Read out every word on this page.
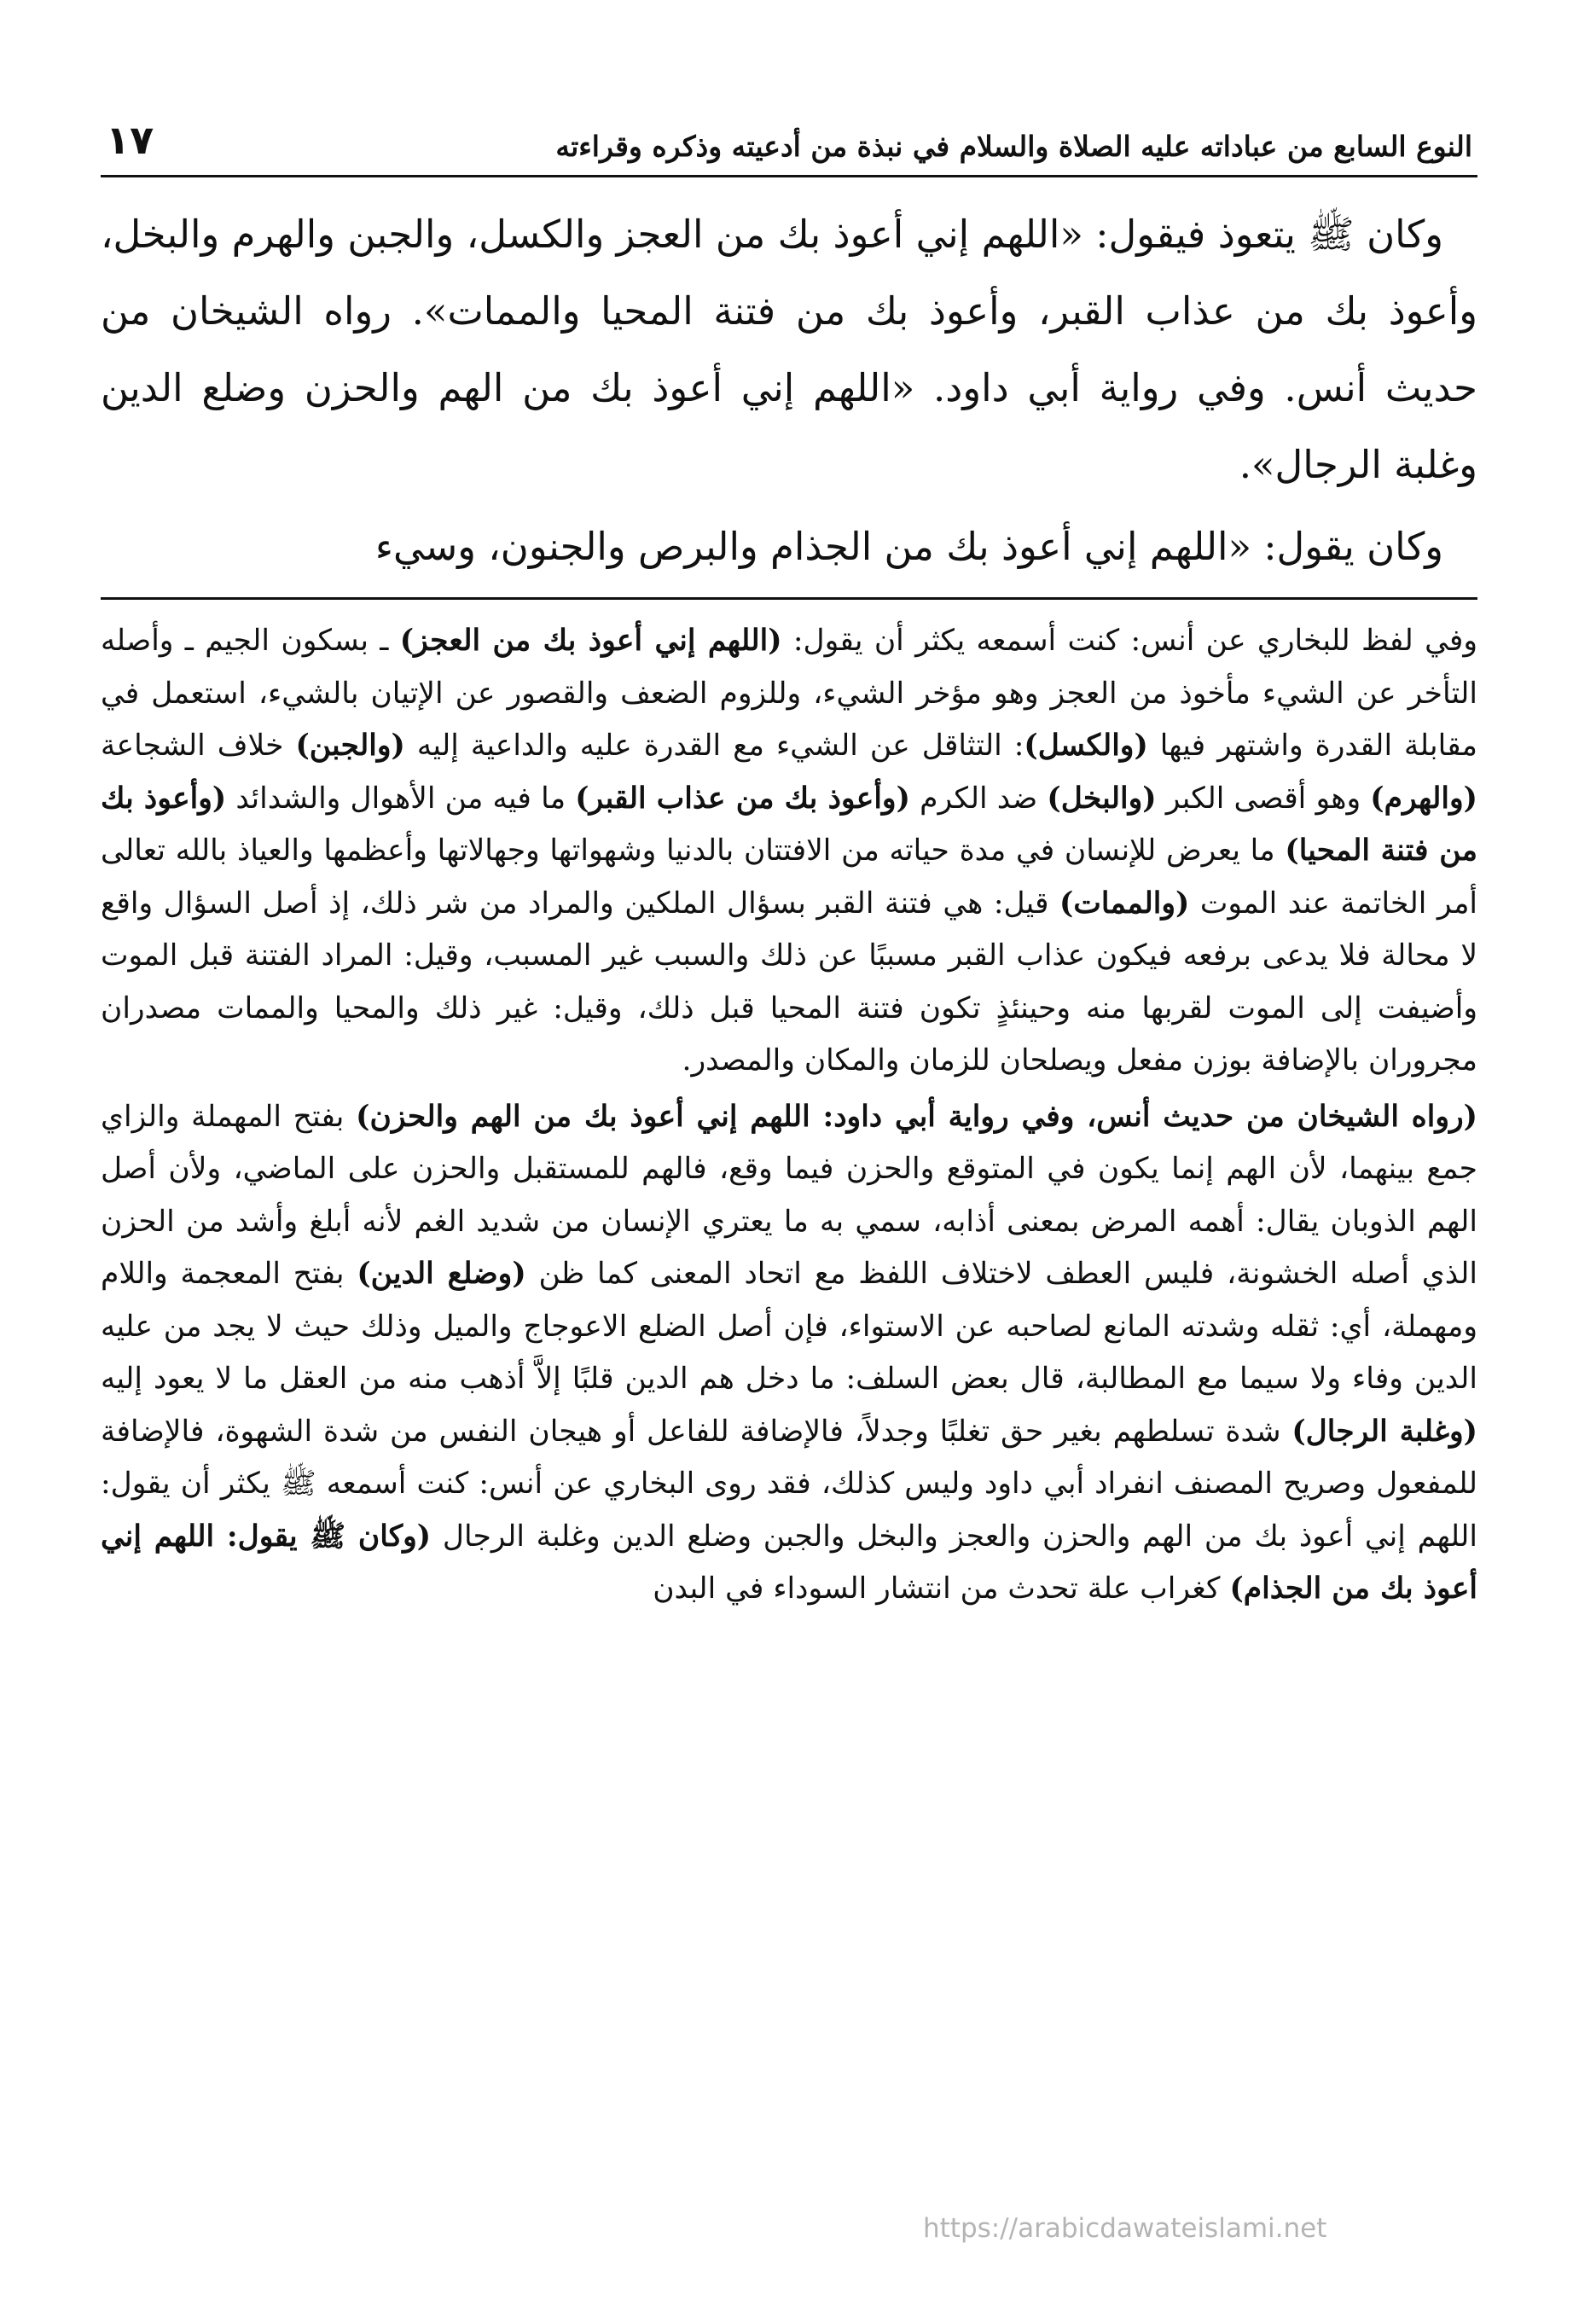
النوع السابع من عباداته عليه الصلاة والسلام في نبذة من أدعيته وذكره وقراءته
١٧

وكان ﷺ يتعوذ فيقول: «اللهم إني أعوذ بك من العجز والكسل، والجبن والهرم والبخل، وأعوذ بك من عذاب القبر، وأعوذ بك من فتنة المحيا والممات». رواه الشيخان من حديث أنس. وفي رواية أبي داود. «اللهم إني أعوذ بك من الهم والحزن وضلع الدين وغلبة الرجال».

وكان يقول: «اللهم إني أعوذ بك من الجذام والبرص والجنون، وسيء

وفي لفظ للبخاري عن أنس: كنت أسمعه يكثر أن يقول: (اللهم إني أعوذ بك من العجز) ـ بسكون الجيم ـ وأصله التأخر عن الشيء مأخوذ من العجز وهو مؤخر الشيء، وللزوم الضعف والقصور عن الإتيان بالشيء، استعمل في مقابلة القدرة واشتهر فيها (والكسل): التثاقل عن الشيء مع القدرة عليه والداعية إليه (والجبن) خلاف الشجاعة (والهرم) وهو أقصى الكبر (والبخل) ضد الكرم (وأعوذ بك من عذاب القبر) ما فيه من الأهوال والشدائد (وأعوذ بك من فتنة المحيا) ما يعرض للإنسان في مدة حياته من الافتتان بالدنيا وشهواتها وجهالاتها وأعظمها والعياذ بالله تعالى أمر الخاتمة عند الموت (والممات) قيل: هي فتنة القبر بسؤال الملكين والمراد من شر ذلك، إذ أصل السؤال واقع لا محالة فلا يدعى برفعه فيكون عذاب القبر مسببًا عن ذلك والسبب غير المسبب، وقيل: المراد الفتنة قبل الموت وأضيفت إلى الموت لقربها منه وحينئذٍ تكون فتنة المحيا قبل ذلك، وقيل: غير ذلك والمحيا والممات مصدران مجروران بالإضافة بوزن مفعل ويصلحان للزمان والمكان والمصدر.

(رواه الشيخان من حديث أنس، وفي رواية أبي داود: اللهم إني أعوذ بك من الهم والحزن) بفتح المهملة والزاي جمع بينهما، لأن الهم إنما يكون في المتوقع والحزن فيما وقع، فالهم للمستقبل والحزن على الماضي، ولأن أصل الهم الذوبان يقال: أهمه المرض بمعنى أذابه، سمي به ما يعتري الإنسان من شديد الغم لأنه أبلغ وأشد من الحزن الذي أصله الخشونة، فليس العطف لاختلاف اللفظ مع اتحاد المعنى كما ظن (وضلع الدين) بفتح المعجمة واللام ومهملة، أي: ثقله وشدته المانع لصاحبه عن الاستواء، فإن أصل الضلع الاعوجاج والميل وذلك حيث لا يجد من عليه الدين وفاء ولا سيما مع المطالبة، قال بعض السلف: ما دخل هم الدين قلبًا إلاَّ أذهب منه من العقل ما لا يعود إليه (وغلبة الرجال) شدة تسلطهم بغير حق تغلبًا وجدلاً، فالإضافة للفاعل أو هيجان النفس من شدة الشهوة، فالإضافة للمفعول وصريح المصنف انفراد أبي داود وليس كذلك، فقد روى البخاري عن أنس: كنت أسمعه ﷺ يكثر أن يقول: اللهم إني أعوذ بك من الهم والحزن والعجز والبخل والجبن وضلع الدين وغلبة الرجال (وكان ﷺ يقول: اللهم إني أعوذ بك من الجذام) كغراب علة تحدث من انتشار السوداء في البدن

https://arabicdawateislami.net
